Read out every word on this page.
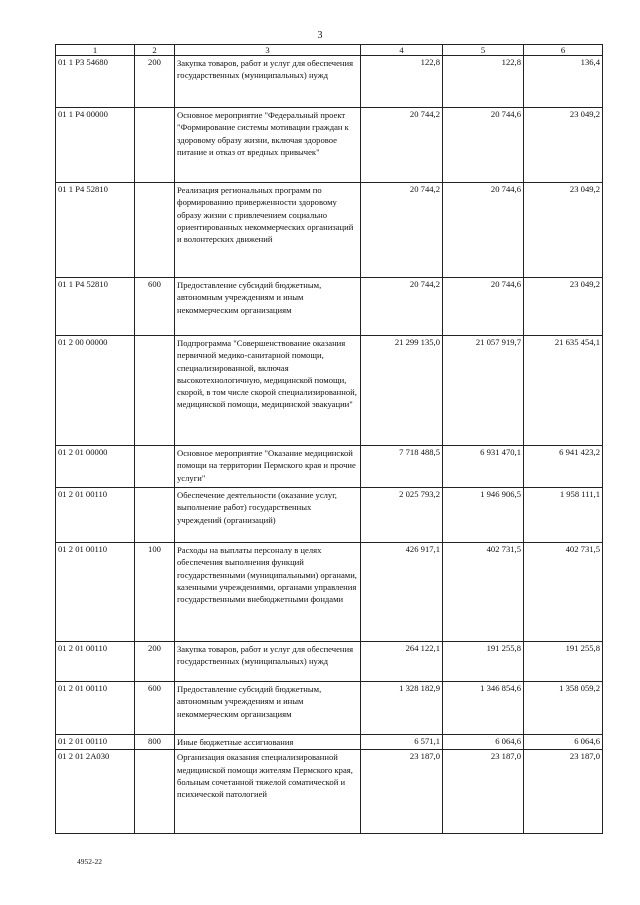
3
1	2	3	4	5	6
01 1 P3 54680	200	Закупка товаров, работ и услуг для обеспечения государственных (муниципальных) нужд	122,8	122,8	136,4
01 1 P4 00000		Основное мероприятие "Федеральный проект "Формирование системы мотивации граждан к здоровому образу жизни, включая здоровое питание и отказ от вредных привычек"	20 744,2	20 744,6	23 049,2
01 1 P4 52810		Реализация региональных программ по формированию приверженности здоровому образу жизни с привлечением социально ориентированных некоммерческих организаций и волонтерских движений	20 744,2	20 744,6	23 049,2
01 1 P4 52810	600	Предоставление субсидий бюджетным, автономным учреждениям и иным некоммерческим организациям	20 744,2	20 744,6	23 049,2
01 2 00 00000		Подпрограмма "Совершенствование оказания первичной медико-санитарной помощи, специализированной, включая высокотехнологичную, медицинской помощи, скорой, в том числе скорой специализированной, медицинской помощи, медицинской эвакуации"	21 299 135,0	21 057 919,7	21 635 454,1
01 2 01 00000		Основное мероприятие "Оказание медицинской помощи на территории Пермского края и прочие услуги"	7 718 488,5	6 931 470,1	6 941 423,2
01 2 01 00110		Обеспечение деятельности (оказание услуг, выполнение работ) государственных учреждений (организаций)	2 025 793,2	1 946 906,5	1 958 111,1
01 2 01 00110	100	Расходы на выплаты персоналу в целях обеспечения выполнения функций государственными (муниципальными) органами, казенными учреждениями, органами управления государственными внебюджетными фондами	426 917,1	402 731,5	402 731,5
01 2 01 00110	200	Закупка товаров, работ и услуг для обеспечения государственных (муниципальных) нужд	264 122,1	191 255,8	191 255,8
01 2 01 00110	600	Предоставление субсидий бюджетным, автономным учреждениям и иным некоммерческим организациям	1 328 182,9	1 346 854,6	1 358 059,2
01 2 01 00110	800	Иные бюджетные ассигнования	6 571,1	6 064,6	6 064,6
01 2 01 2A030		Организация оказания специализированной медицинской помощи жителям Пермского края, больным сочетанной тяжелой соматической и психической патологией	23 187,0	23 187,0	23 187,0
4952-22
